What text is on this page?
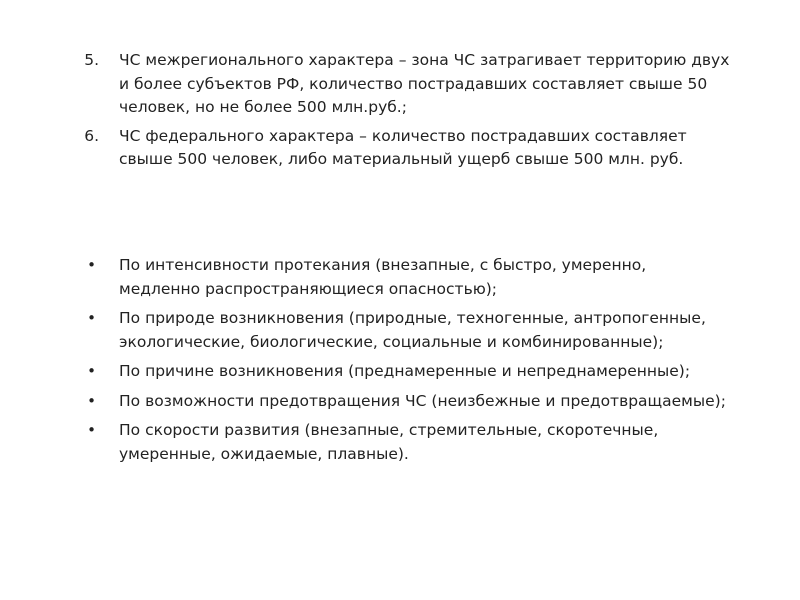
5. ЧС межрегионального характера – зона ЧС затрагивает территорию двух и более субъектов РФ, количество пострадавших составляет свыше 50 человек, но не более 500 млн.руб.;
6. ЧС федерального характера – количество пострадавших составляет свыше 500 человек, либо материальный ущерб свыше 500 млн. руб.
• По интенсивности протекания (внезапные, с быстро, умеренно, медленно распространяющиеся опасностью);
• По природе возникновения (природные, техногенные, антропогенные, экологические, биологические, социальные и комбинированные);
• По причине возникновения (преднамеренные и непреднамеренные);
• По возможности предотвращения ЧС (неизбежные и предотвращаемые);
• По скорости развития (внезапные, стремительные, скоротечные, умеренные, ожидаемые, плавные).
